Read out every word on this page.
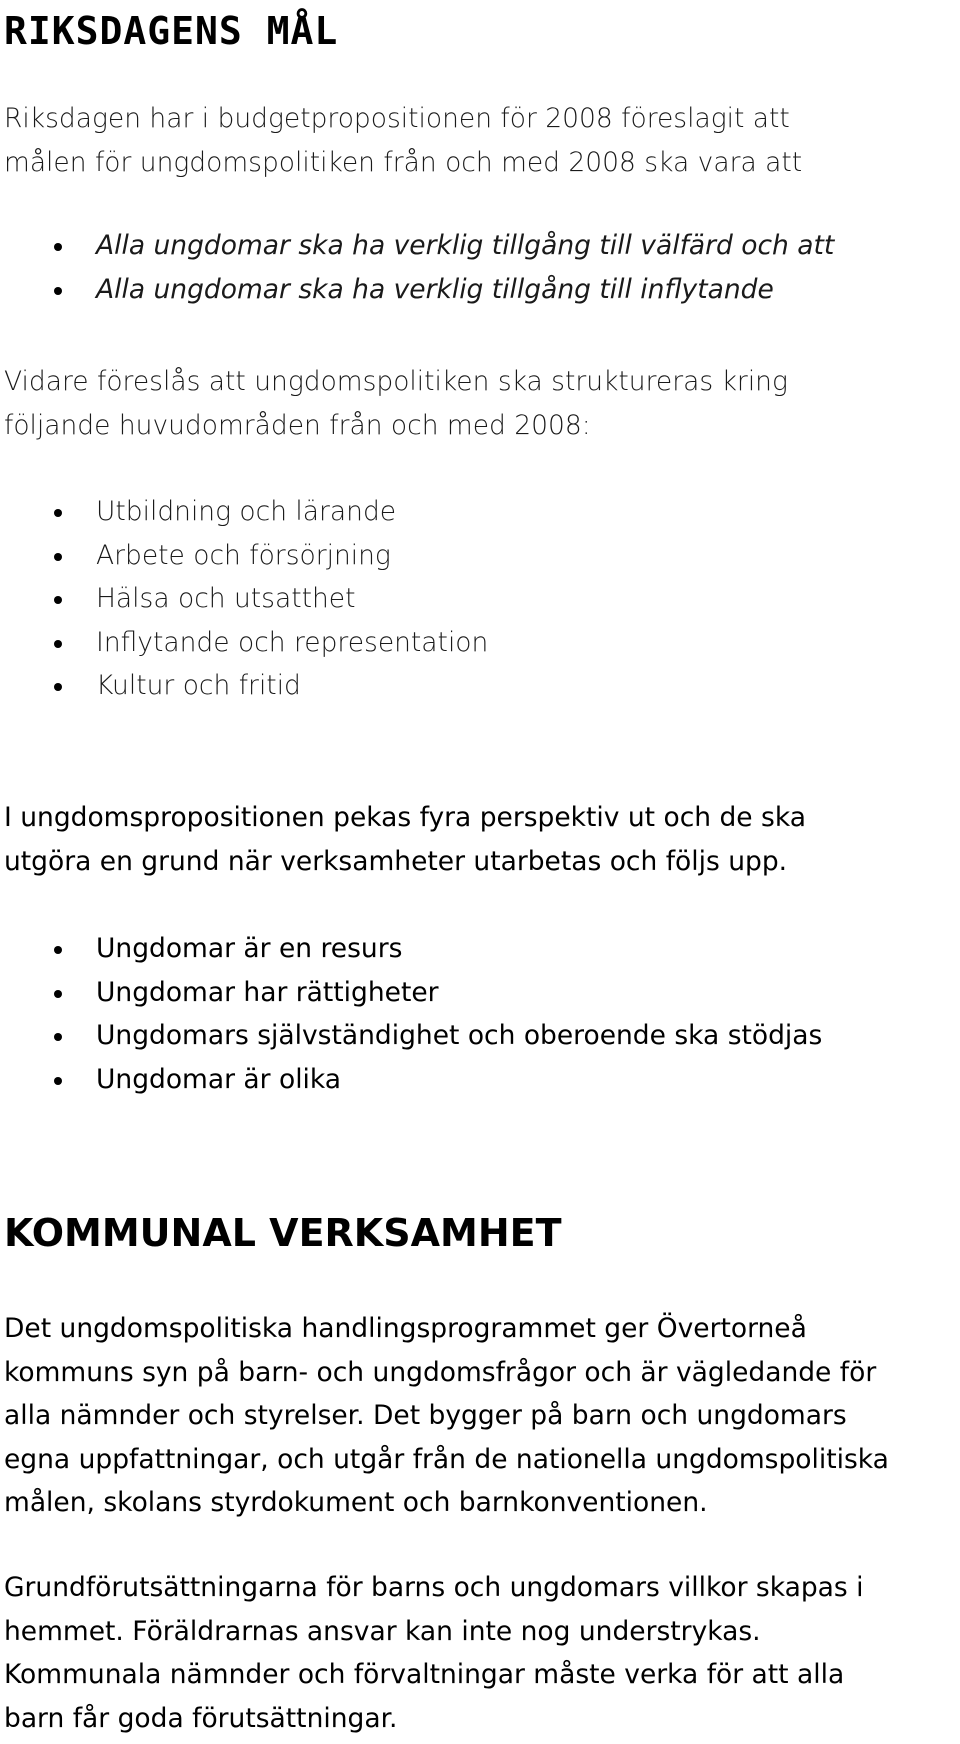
RIKSDAGENS MÅL

Riksdagen har i budgetpropositionen för 2008 föreslagit att
målen för ungdomspolitiken från och med 2008 ska vara att

Alla ungdomar ska ha verklig tillgång till välfärd och att
Alla ungdomar ska ha verklig tillgång till inflytande

Vidare föreslås att ungdomspolitiken ska struktureras kring
följande huvudområden från och med 2008:

Utbildning och lärande
Arbete och försörjning
Hälsa och utsatthet
Inflytande och representation
Kultur och fritid

I ungdomspropositionen pekas fyra perspektiv ut och de ska
utgöra en grund när verksamheter utarbetas och följs upp.

Ungdomar är en resurs
Ungdomar har rättigheter
Ungdomars självständighet och oberoende ska stödjas
Ungdomar är olika
KOMMUNAL VERKSAMHET

Det ungdomspolitiska handlingsprogrammet ger Övertorneå
kommuns syn på barn- och ungdomsfrågor och är vägledande för
alla nämnder och styrelser. Det bygger på barn och ungdomars
egna uppfattningar, och utgår från de nationella ungdomspolitiska
målen, skolans styrdokument och barnkonventionen.

Grundförutsättningarna för barns och ungdomars villkor skapas i
hemmet. Föräldrarnas ansvar kan inte nog understrykas.
Kommunala nämnder och förvaltningar måste verka för att alla
barn får goda förutsättningar.
